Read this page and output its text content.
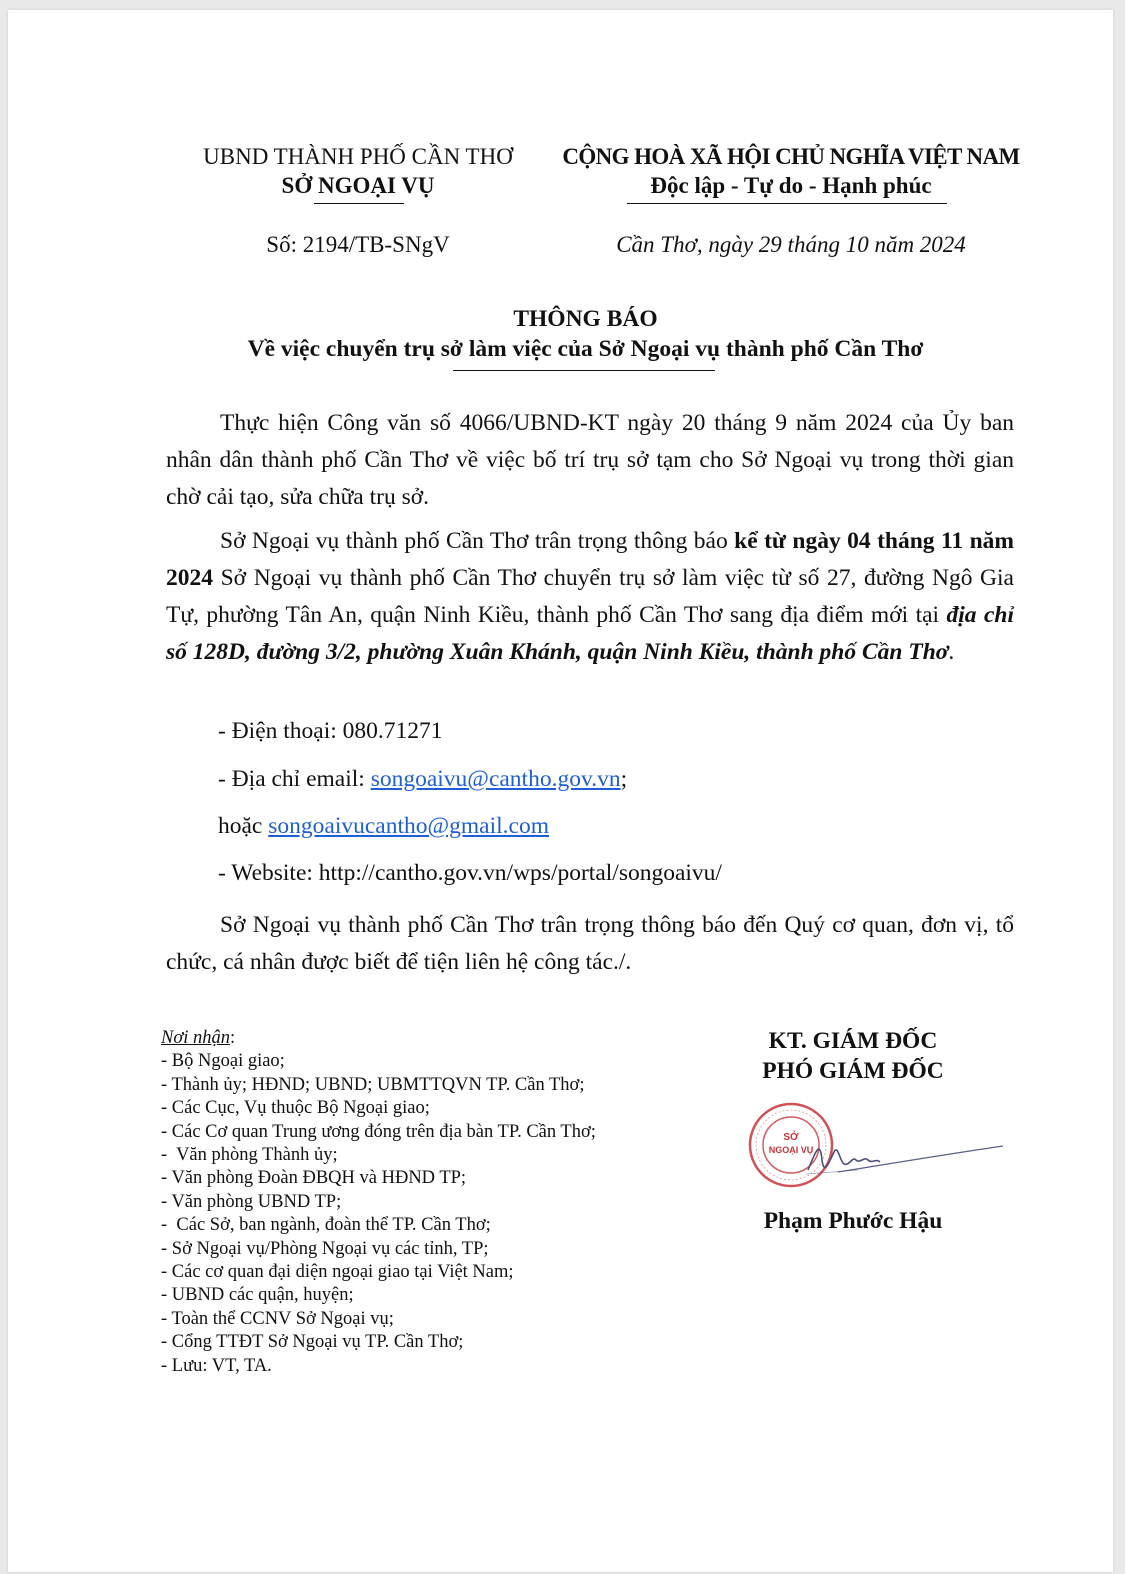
UBND THÀNH PHỐ CẦN THƠ
SỞ NGOẠI VỤ
CỘNG HOÀ XÃ HỘI CHỦ NGHĨA VIỆT NAM
Độc lập - Tự do - Hạnh phúc
Số: 2194/TB-SNgV	Cần Thơ, ngày 29 tháng 10 năm 2024
THÔNG BÁO
Về việc chuyển trụ sở làm việc của Sở Ngoại vụ thành phố Cần Thơ
Thực hiện Công văn số 4066/UBND-KT ngày 20 tháng 9 năm 2024 của Ủy ban nhân dân thành phố Cần Thơ về việc bố trí trụ sở tạm cho Sở Ngoại vụ trong thời gian chờ cải tạo, sửa chữa trụ sở.
Sở Ngoại vụ thành phố Cần Thơ trân trọng thông báo kể từ ngày 04 tháng 11 năm 2024 Sở Ngoại vụ thành phố Cần Thơ chuyển trụ sở làm việc từ số 27, đường Ngô Gia Tự, phường Tân An, quận Ninh Kiều, thành phố Cần Thơ sang địa điểm mới tại địa chỉ số 128D, đường 3/2, phường Xuân Khánh, quận Ninh Kiều, thành phố Cần Thơ.
- Điện thoại: 080.71271
- Địa chỉ email: songoaivu@cantho.gov.vn;
hoặc songoaivucantho@gmail.com
- Website: http://cantho.gov.vn/wps/portal/songoaivu/
Sở Ngoại vụ thành phố Cần Thơ trân trọng thông báo đến Quý cơ quan, đơn vị, tổ chức, cá nhân được biết để tiện liên hệ công tác./.
Nơi nhận:
- Bộ Ngoại giao;
- Thành ủy; HĐND; UBND; UBMTTQVN TP. Cần Thơ;
- Các Cục, Vụ thuộc Bộ Ngoại giao;
- Các Cơ quan Trung ương đóng trên địa bàn TP. Cần Thơ;
-  Văn phòng Thành ủy;
- Văn phòng Đoàn ĐBQH và HĐND TP;
- Văn phòng UBND TP;
-  Các Sở, ban ngành, đoàn thể TP. Cần Thơ;
- Sở Ngoại vụ/Phòng Ngoại vụ các tỉnh, TP;
- Các cơ quan đại diện ngoại giao tại Việt Nam;
- UBND các quận, huyện;
- Toàn thể CCNV Sở Ngoại vụ;
- Cổng TTĐT Sở Ngoại vụ TP. Cần Thơ;
- Lưu: VT, TA.
KT. GIÁM ĐỐC
PHÓ GIÁM ĐỐC
SỞ
NGOẠI VỤ
Phạm Phước Hậu
